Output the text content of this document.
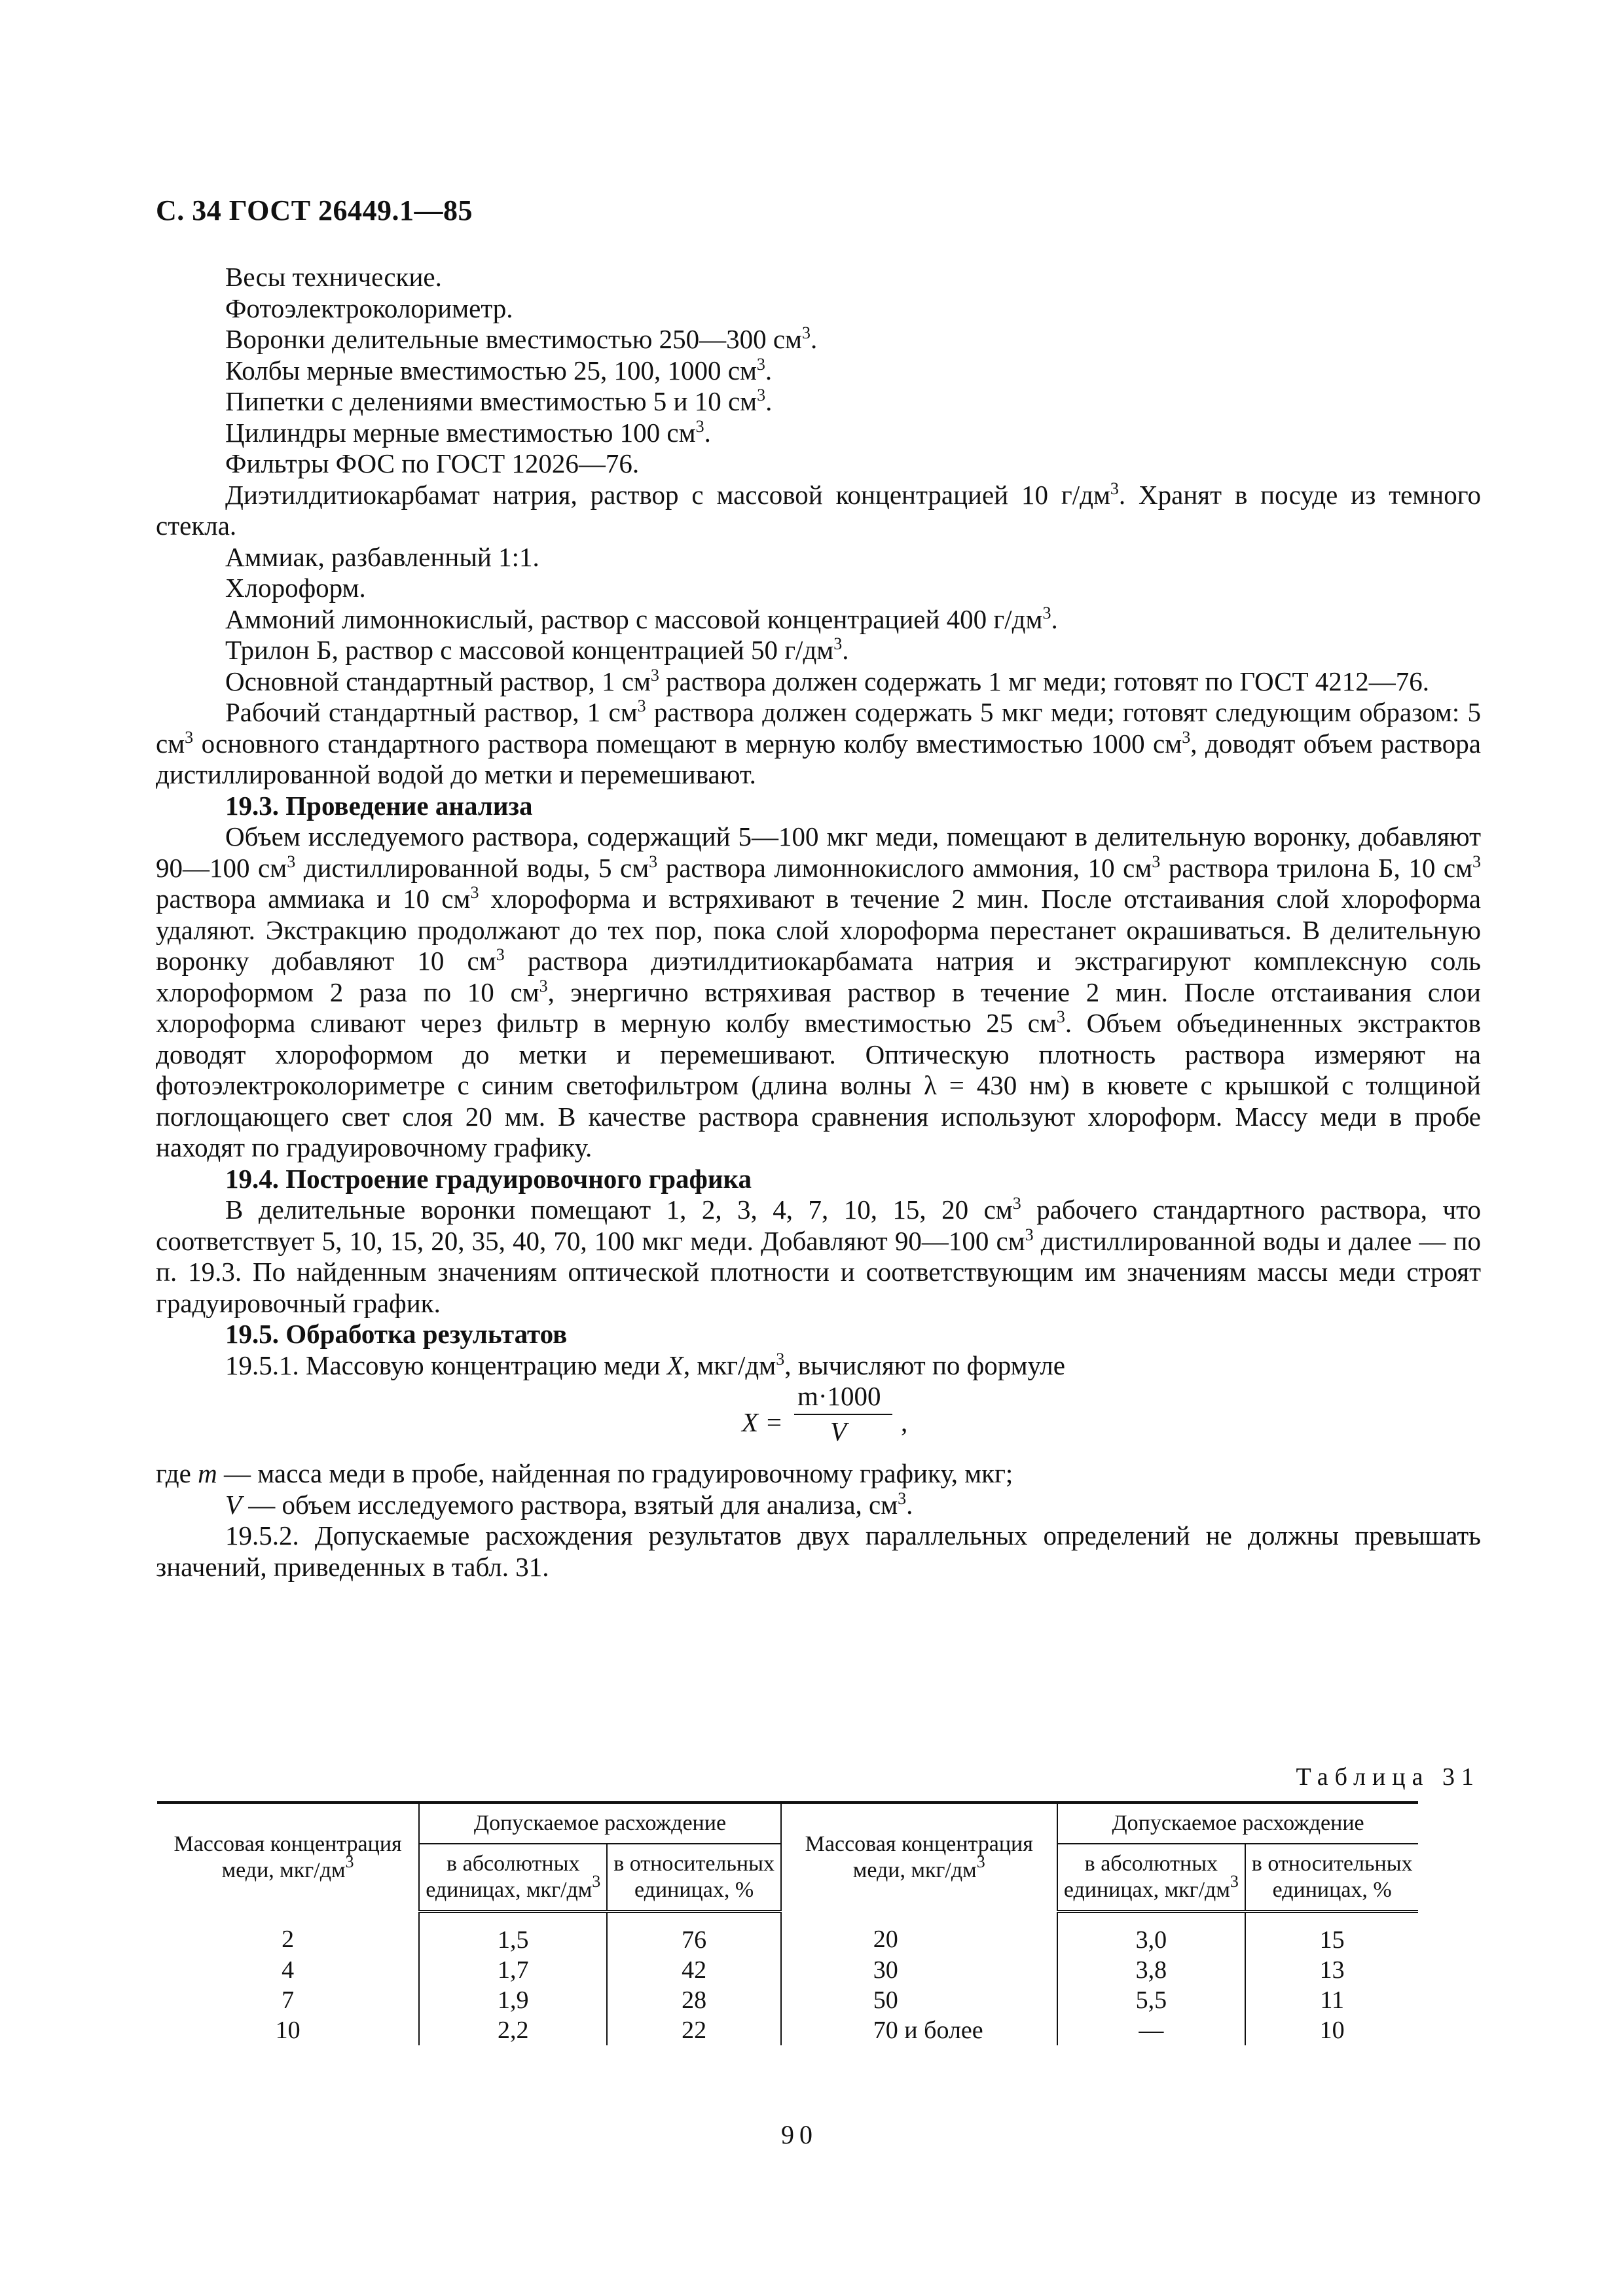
С. 34 ГОСТ 26449.1—85

Весы технические.

Фотоэлектроколориметр.

Воронки делительные вместимостью 250—300 $см^3$.

Колбы мерные вместимостью 25, 100, 1000 $см^3$.

Пипетки с делениями вместимостью 5 и 10 $см^3$.

Цилиндры мерные вместимостью 100 $см^3$.

Фильтры ФОС по ГОСТ 12026—76.

Диэтилдитиокарбамат натрия, раствор с массовой концентрацией 10 $г/дм^3$. Хранят в посуде из темного стекла.

Аммиак, разбавленный 1:1.

Хлороформ.

Аммоний лимоннокислый, раствор с массовой концентрацией 400 $г/дм^3$.

Трилон Б, раствор с массовой концентрацией 50 $г/дм^3$.

Основной стандартный раствор, 1 $см^3$ раствора должен содержать 1 мг меди; готовят по ГОСТ 4212—76.

Рабочий стандартный раствор, 1 $см^3$ раствора должен содержать 5 мкг меди; готовят следующим образом: 5 $см^3$ основного стандартного раствора помещают в мерную колбу вместимостью 1000 $см^3$, доводят объем раствора дистиллированной водой до метки и перемешивают.

19.3. Проведение анализа

Объем исследуемого раствора, содержащий 5—100 мкг меди, помещают в делительную воронку, добавляют 90—100 $см^3$ дистиллированной воды, 5 $см^3$ раствора лимоннокислого аммония, 10 $см^3$ раствора трилона Б, 10 $см^3$ раствора аммиака и 10 $см^3$ хлороформа и встряхивают в течение 2 мин. После отстаивания слой хлороформа удаляют. Экстракцию продолжают до тех пор, пока слой хлороформа перестанет окрашиваться. В делительную воронку добавляют 10 $см^3$ раствора диэтилдитиокарбамата натрия и экстрагируют комплексную соль хлороформом 2 раза по 10 $см^3$, энергично встряхивая раствор в течение 2 мин. После отстаивания слои хлороформа сливают через фильтр в мерную колбу вместимостью 25 $см^3$. Объем объединенных экстрактов доводят хлороформом до метки и перемешивают. Оптическую плотность раствора измеряют на фотоэлектроколориметре с синим светофильтром (длина волны λ = 430 нм) в кювете с крышкой с толщиной поглощающего свет слоя 20 мм. В качестве раствора сравнения используют хлороформ. Массу меди в пробе находят по градуировочному графику.

19.4. Построение градуировочного графика

В делительные воронки помещают 1, 2, 3, 4, 7, 10, 15, 20 $см^3$ рабочего стандартного раствора, что соответствует 5, 10, 15, 20, 35, 40, 70, 100 мкг меди. Добавляют 90—100 $см^3$ дистиллированной воды и далее — по п. 19.3. По найденным значениям оптической плотности и соответствующим им значениям массы меди строят градуировочный график.

19.5. Обработка результатов

19.5.1. Массовую концентрацию меди X, мкг/$дм^3$, вычисляют по формуле

X =
m·1000
V ,

где m — масса меди в пробе, найденная по градуировочному графику, мкг;

V — объем исследуемого раствора, взятый для анализа, $см^3$.

19.5.2. Допускаемые расхождения результатов двух параллельных определений не должны превышать значений, приведенных в табл. 31.

Таблица 31
Массовая концентрация меди, мкг/$дм^3$	Допускаемое расхождение		Массовая концентрация меди, мкг/$дм^3$	Допускаемое расхождение	
	в абсолютных единицах, мкг/$дм^3$	в относительных единицах, %		в абсолютных единицах, мкг/$дм^3$	в относительных единицах, %
2	1,5	76	20	3,0	15
4	1,7	42	30	3,8	13
7	1,9	28	50	5,5	11
10	2,2	22	70 и более	—	10
90
